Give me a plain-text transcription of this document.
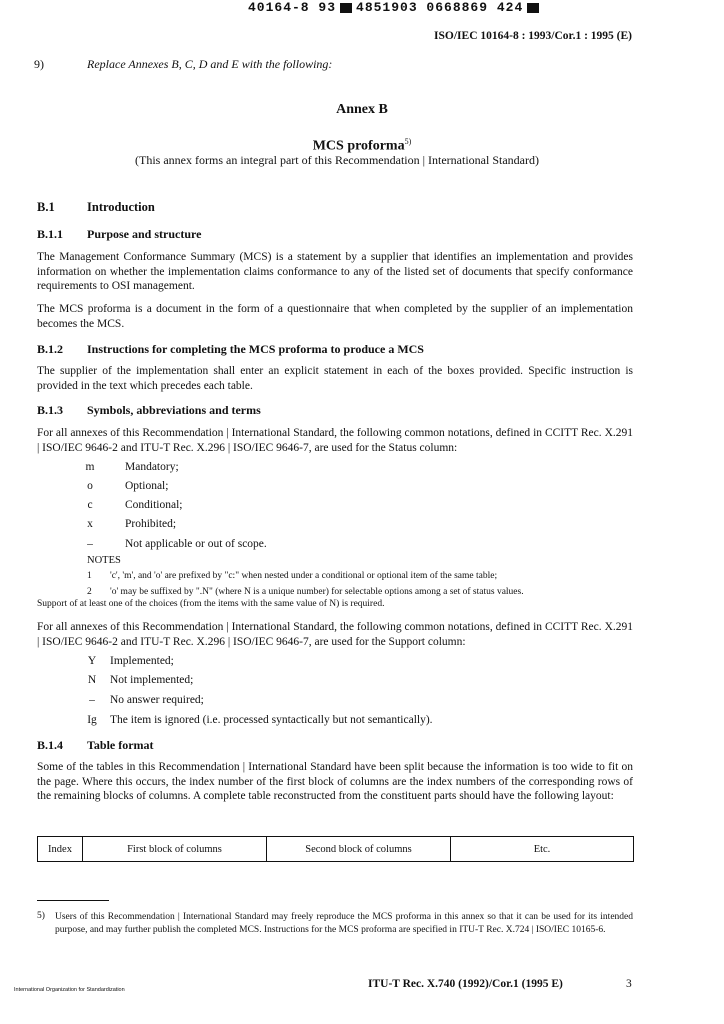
40164-8 93 4851903 0668869 424
ISO/IEC 10164-8 : 1993/Cor.1 : 1995 (E)
9)	Replace Annexes B, C, D and E with the following:
Annex B
MCS proforma$^{5)}$
(This annex forms an integral part of this Recommendation | International Standard)
B.1	Introduction
B.1.1 Purpose and structure
The Management Conformance Summary (MCS) is a statement by a supplier that identifies an implementation and provides information on whether the implementation claims conformance to any of the listed set of documents that specify conformance requirements to OSI management.
The MCS proforma is a document in the form of a questionnaire that when completed by the supplier of an implementation becomes the MCS.
B.1.2 Instructions for completing the MCS proforma to produce a MCS
The supplier of the implementation shall enter an explicit statement in each of the boxes provided. Specific instruction is provided in the text which precedes each table.
B.1.3 Symbols, abbreviations and terms
For all annexes of this Recommendation | International Standard, the following common notations, defined in CCITT Rec. X.291 | ISO/IEC 9646-2 and ITU-T Rec. X.296 | ISO/IEC 9646-7, are used for the Status column:
m	Mandatory;
o	Optional;
c	Conditional;
x	Prohibited;
–	Not applicable or out of scope.
NOTES
1 'c', 'm', and 'o' are prefixed by "c:" when nested under a conditional or optional item of the same table;
2 'o' may be suffixed by ".N" (where N is a unique number) for selectable options among a set of status values.
Support of at least one of the choices (from the items with the same value of N) is required.
For all annexes of this Recommendation | International Standard, the following common notations, defined in CCITT Rec. X.291 | ISO/IEC 9646-2 and ITU-T Rec. X.296 | ISO/IEC 9646-7, are used for the Support column:
Y	Implemented;
N	Not implemented;
–	No answer required;
Ig	The item is ignored (i.e. processed syntactically but not semantically).
B.1.4 Table format
Some of the tables in this Recommendation | International Standard have been split because the information is too wide to fit on the page. Where this occurs, the index number of the first block of columns are the index numbers of the corresponding rows of the remaining blocks of columns. A complete table reconstructed from the constituent parts should have the following layout:
Index	First block of columns	Second block of columns	Etc.
5) Users of this Recommendation | International Standard may freely reproduce the MCS proforma in this annex so that it can be used for its intended purpose, and may further publish the completed MCS. Instructions for the MCS proforma are specified in ITU-T Rec. X.724 | ISO/IEC 10165-6.
International Organization for Standardization	ITU-T Rec. X.740 (1992)/Cor.1 (1995 E)	3
